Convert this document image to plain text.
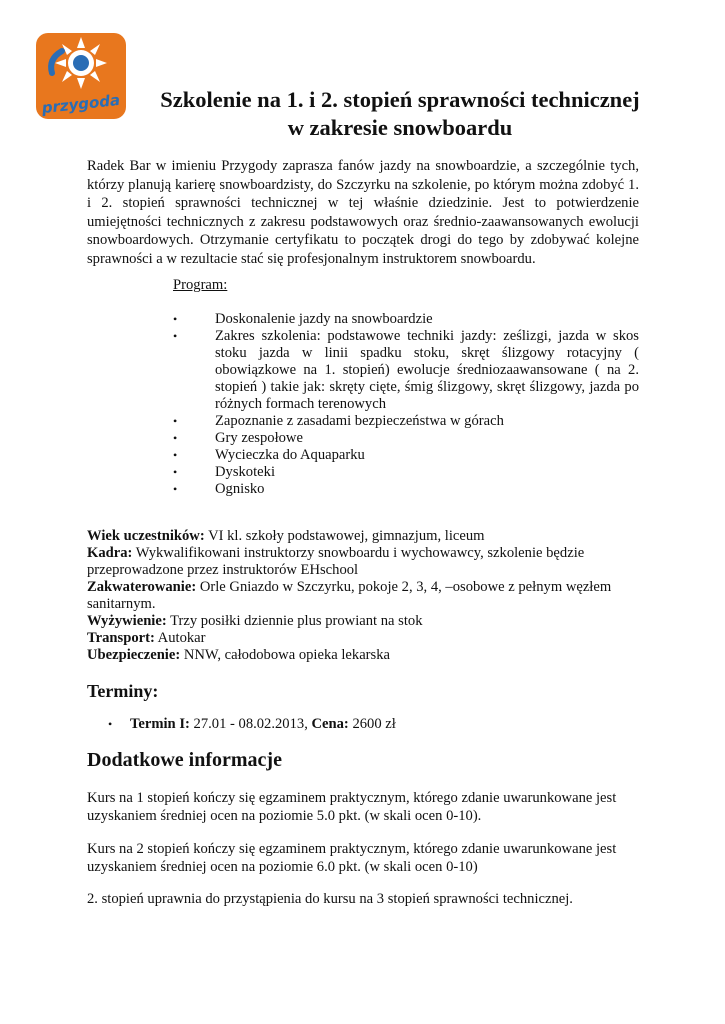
przygoda	Szkolenie na 1. i 2. stopień sprawności technicznej w zakresie snowboardu
Radek Bar w imieniu Przygody zaprasza fanów jazdy na snowboardzie, a szczególnie tych, którzy planują karierę snowboardzisty, do Szczyrku na szkolenie, po którym można zdobyć 1. i 2. stopień sprawności technicznej w tej właśnie dziedzinie. Jest to potwierdzenie umiejętności technicznych z zakresu podstawowych oraz średnio-zaawansowanych ewolucji snowboardowych. Otrzymanie certyfikatu to początek drogi do tego by zdobywać kolejne sprawności a w rezultacie stać się profesjonalnym instruktorem snowboardu.
Program:
• Doskonalenie jazdy na snowboardzie
• Zakres szkolenia: podstawowe techniki jazdy: ześlizgi, jazda w skos stoku jazda w linii spadku stoku, skręt ślizgowy rotacyjny ( obowiązkowe na 1. stopień) ewolucje średniozaawansowane ( na 2. stopień ) takie jak: skręty cięte, śmig ślizgowy, skręt ślizgowy, jazda po różnych formach terenowych
• Zapoznanie z zasadami bezpieczeństwa w górach
• Gry zespołowe
• Wycieczka do Aquaparku
• Dyskoteki
• Ognisko
Wiek uczestników: VI kl. szkoły podstawowej, gimnazjum, liceum
Kadra: Wykwalifikowani instruktorzy snowboardu i wychowawcy, szkolenie będzie przeprowadzone przez instruktorów EHschool
Zakwaterowanie: Orle Gniazdo w Szczyrku, pokoje 2, 3, 4, –osobowe z pełnym węzłem sanitarnym.
Wyżywienie: Trzy posiłki dziennie plus prowiant na stok
Transport: Autokar
Ubezpieczenie: NNW, całodobowa opieka lekarska
Terminy:
• Termin I: 27.01 - 08.02.2013, Cena: 2600 zł
Dodatkowe informacje
Kurs na 1 stopień kończy się egzaminem praktycznym, którego zdanie uwarunkowane jest uzyskaniem średniej ocen na poziomie 5.0 pkt. (w skali ocen 0-10).
Kurs na 2 stopień kończy się egzaminem praktycznym, którego zdanie uwarunkowane jest uzyskaniem średniej ocen na poziomie 6.0 pkt. (w skali ocen 0-10)
2. stopień uprawnia do przystąpienia do kursu na 3 stopień sprawności technicznej.
